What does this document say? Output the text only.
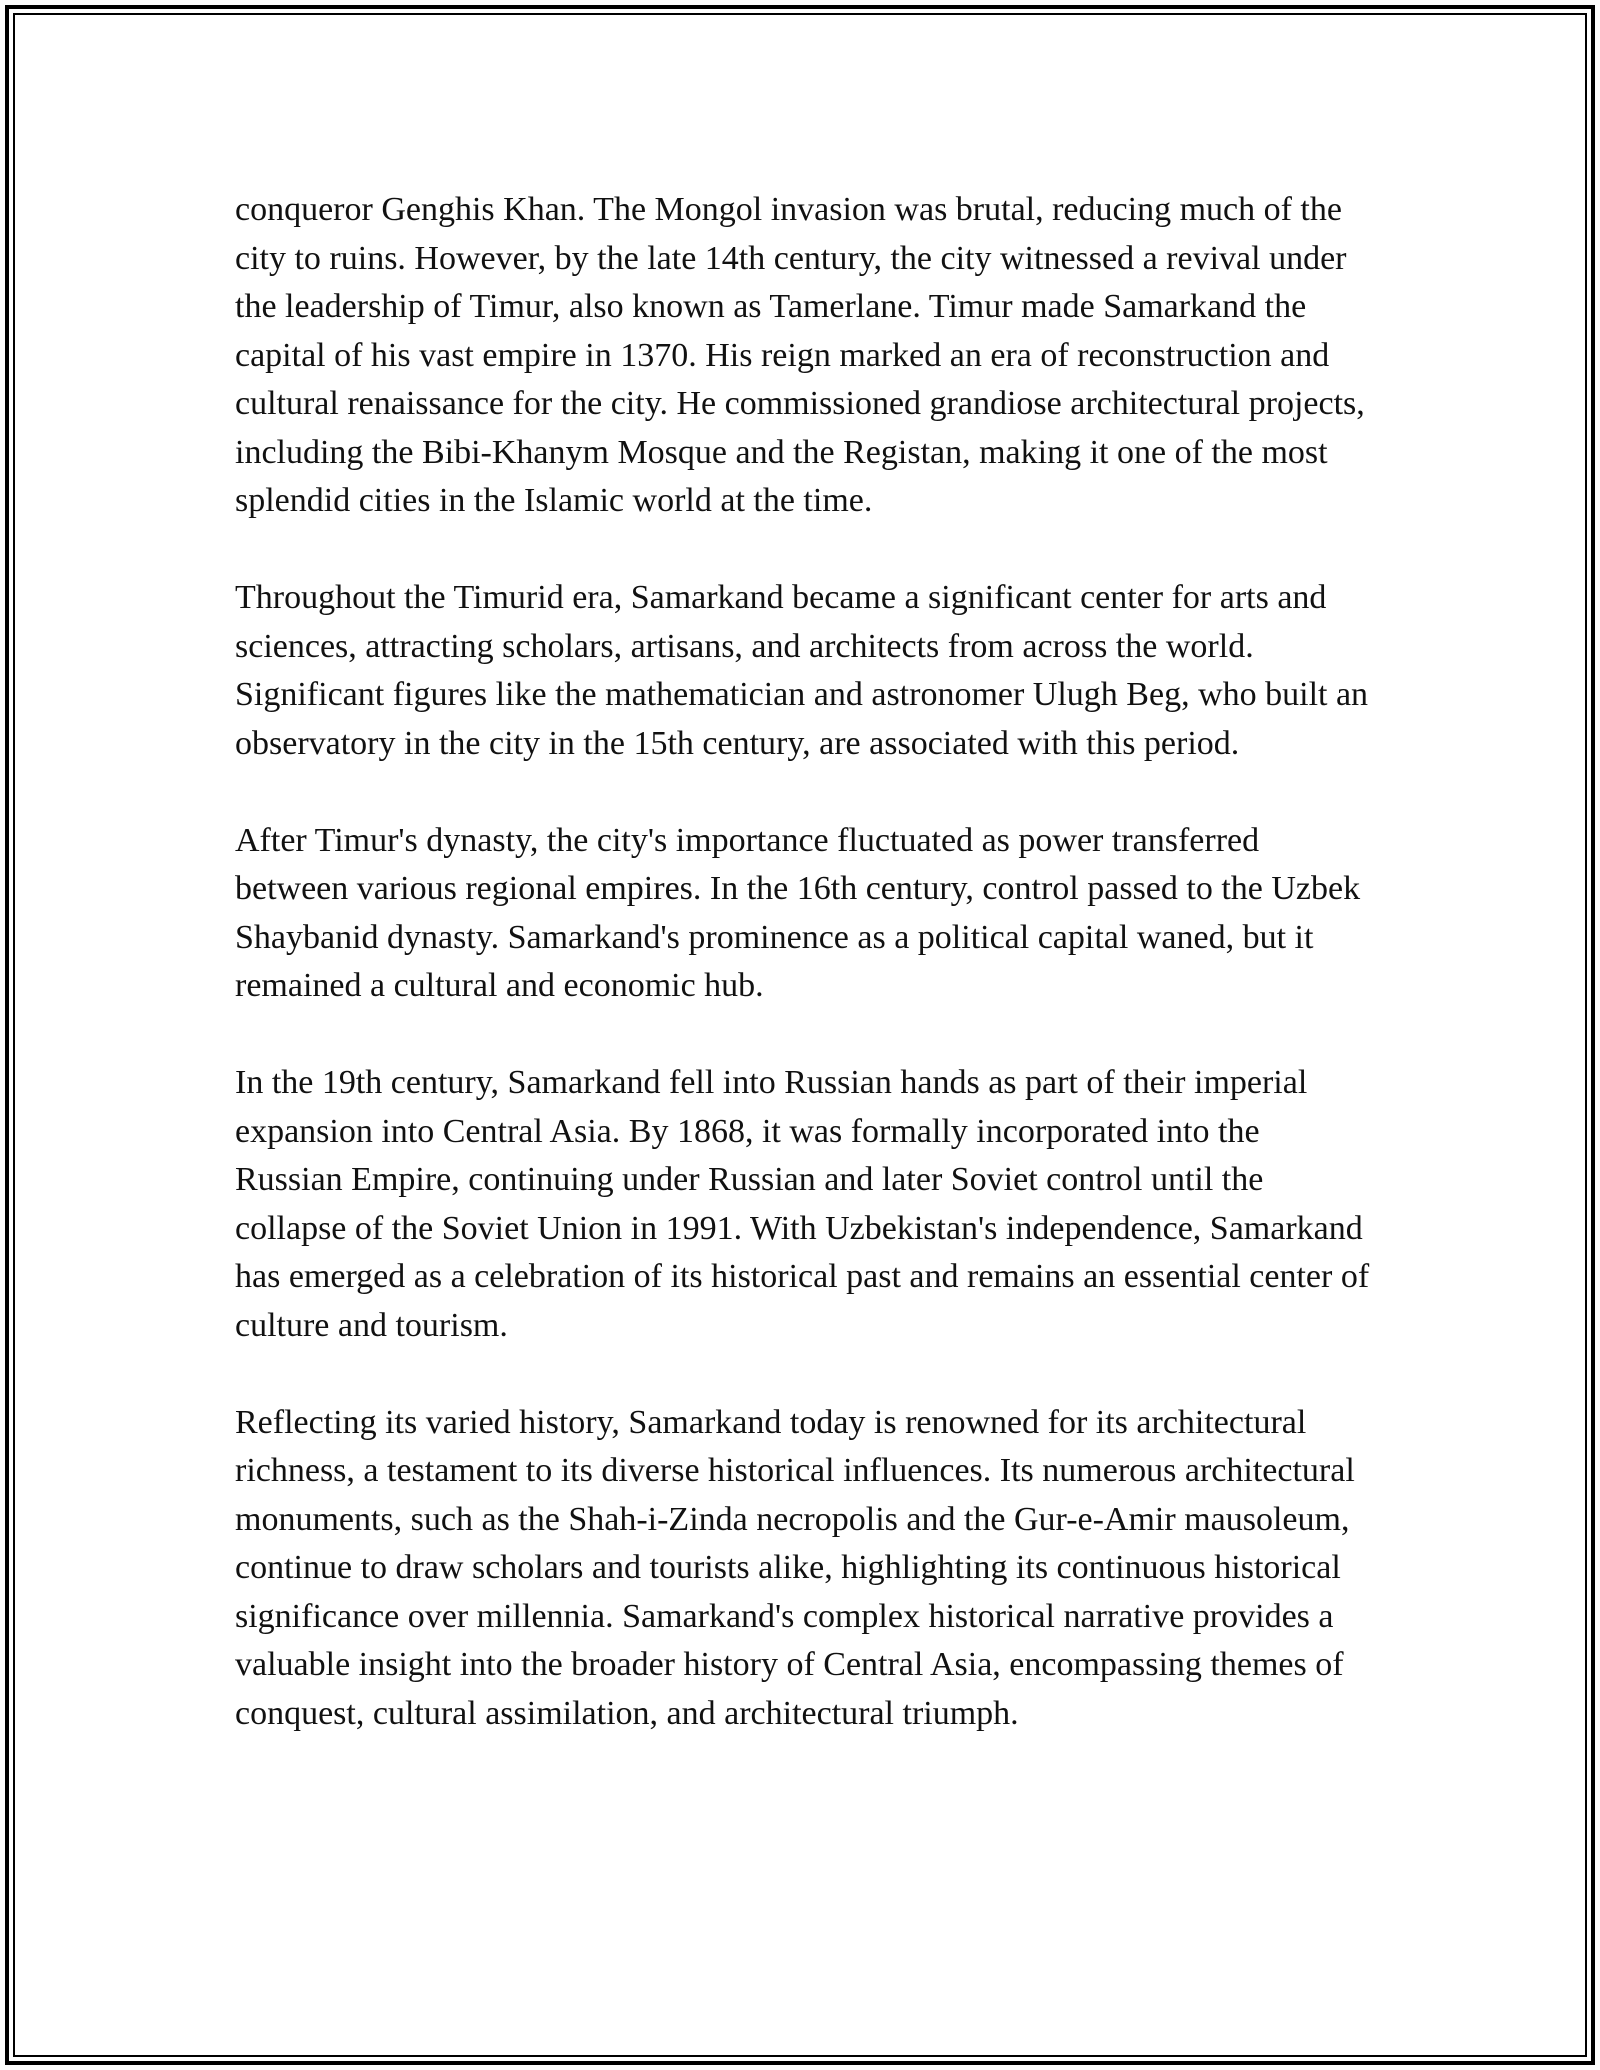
conqueror Genghis Khan. The Mongol invasion was brutal, reducing much of the city to ruins. However, by the late 14th century, the city witnessed a revival under the leadership of Timur, also known as Tamerlane. Timur made Samarkand the capital of his vast empire in 1370. His reign marked an era of reconstruction and cultural renaissance for the city. He commissioned grandiose architectural projects, including the Bibi-Khanym Mosque and the Registan, making it one of the most splendid cities in the Islamic world at the time.

Throughout the Timurid era, Samarkand became a significant center for arts and sciences, attracting scholars, artisans, and architects from across the world. Significant figures like the mathematician and astronomer Ulugh Beg, who built an observatory in the city in the 15th century, are associated with this period.

After Timur's dynasty, the city's importance fluctuated as power transferred between various regional empires. In the 16th century, control passed to the Uzbek Shaybanid dynasty. Samarkand's prominence as a political capital waned, but it remained a cultural and economic hub.

In the 19th century, Samarkand fell into Russian hands as part of their imperial expansion into Central Asia. By 1868, it was formally incorporated into the Russian Empire, continuing under Russian and later Soviet control until the collapse of the Soviet Union in 1991. With Uzbekistan's independence, Samarkand has emerged as a celebration of its historical past and remains an essential center of culture and tourism.

Reflecting its varied history, Samarkand today is renowned for its architectural richness, a testament to its diverse historical influences. Its numerous architectural monuments, such as the Shah-i-Zinda necropolis and the Gur-e-Amir mausoleum, continue to draw scholars and tourists alike, highlighting its continuous historical significance over millennia. Samarkand's complex historical narrative provides a valuable insight into the broader history of Central Asia, encompassing themes of conquest, cultural assimilation, and architectural triumph.
